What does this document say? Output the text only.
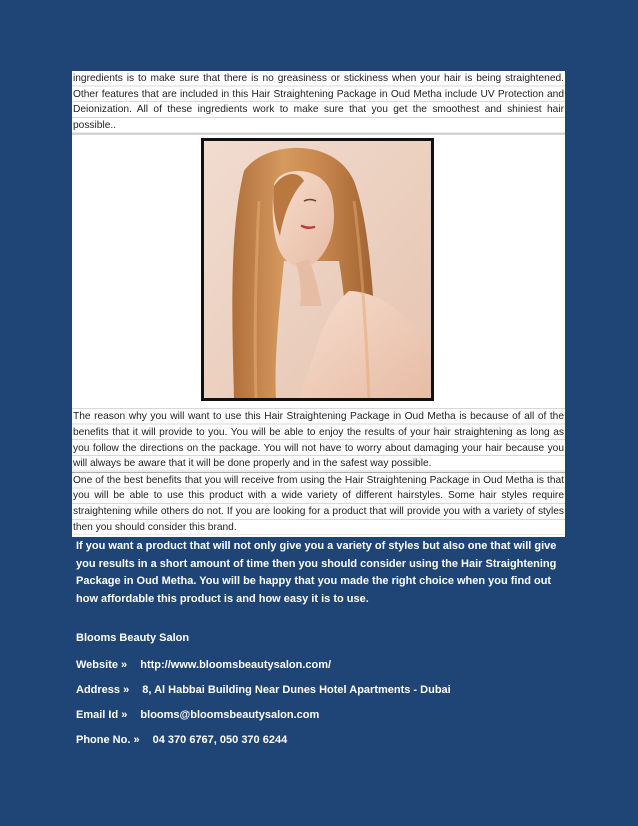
ingredients is to make sure that there is no greasiness or stickiness when your hair is being straightened. Other features that are included in this Hair Straightening Package in Oud Metha include UV Protection and Deionization. All of these ingredients work to make sure that you get the smoothest and shiniest hair possible..

The reason why you will want to use this Hair Straightening Package in Oud Metha is because of all of the benefits that it will provide to you. You will be able to enjoy the results of your hair straightening as long as you follow the directions on the package. You will not have to worry about damaging your hair because you will always be aware that it will be done properly and in the safest way possible.

One of the best benefits that you will receive from using the Hair Straightening Package in Oud Metha is that you will be able to use this product with a wide variety of different hairstyles. Some hair styles require straightening while others do not. If you are looking for a product that will provide you with a variety of styles then you should consider this brand.

If you want a product that will not only give you a variety of styles but also one that will give you results in a short amount of time then you should consider using the Hair Straightening Package in Oud Metha. You will be happy that you made the right choice when you find out how affordable this product is and how easy it is to use.

Blooms Beauty Salon
Website » http://www.bloomsbeautysalon.com/
Address » 8, Al Habbai Building Near Dunes Hotel Apartments - Dubai
Email Id » blooms@bloomsbeautysalon.com
Phone No. » 04 370 6767, 050 370 6244
